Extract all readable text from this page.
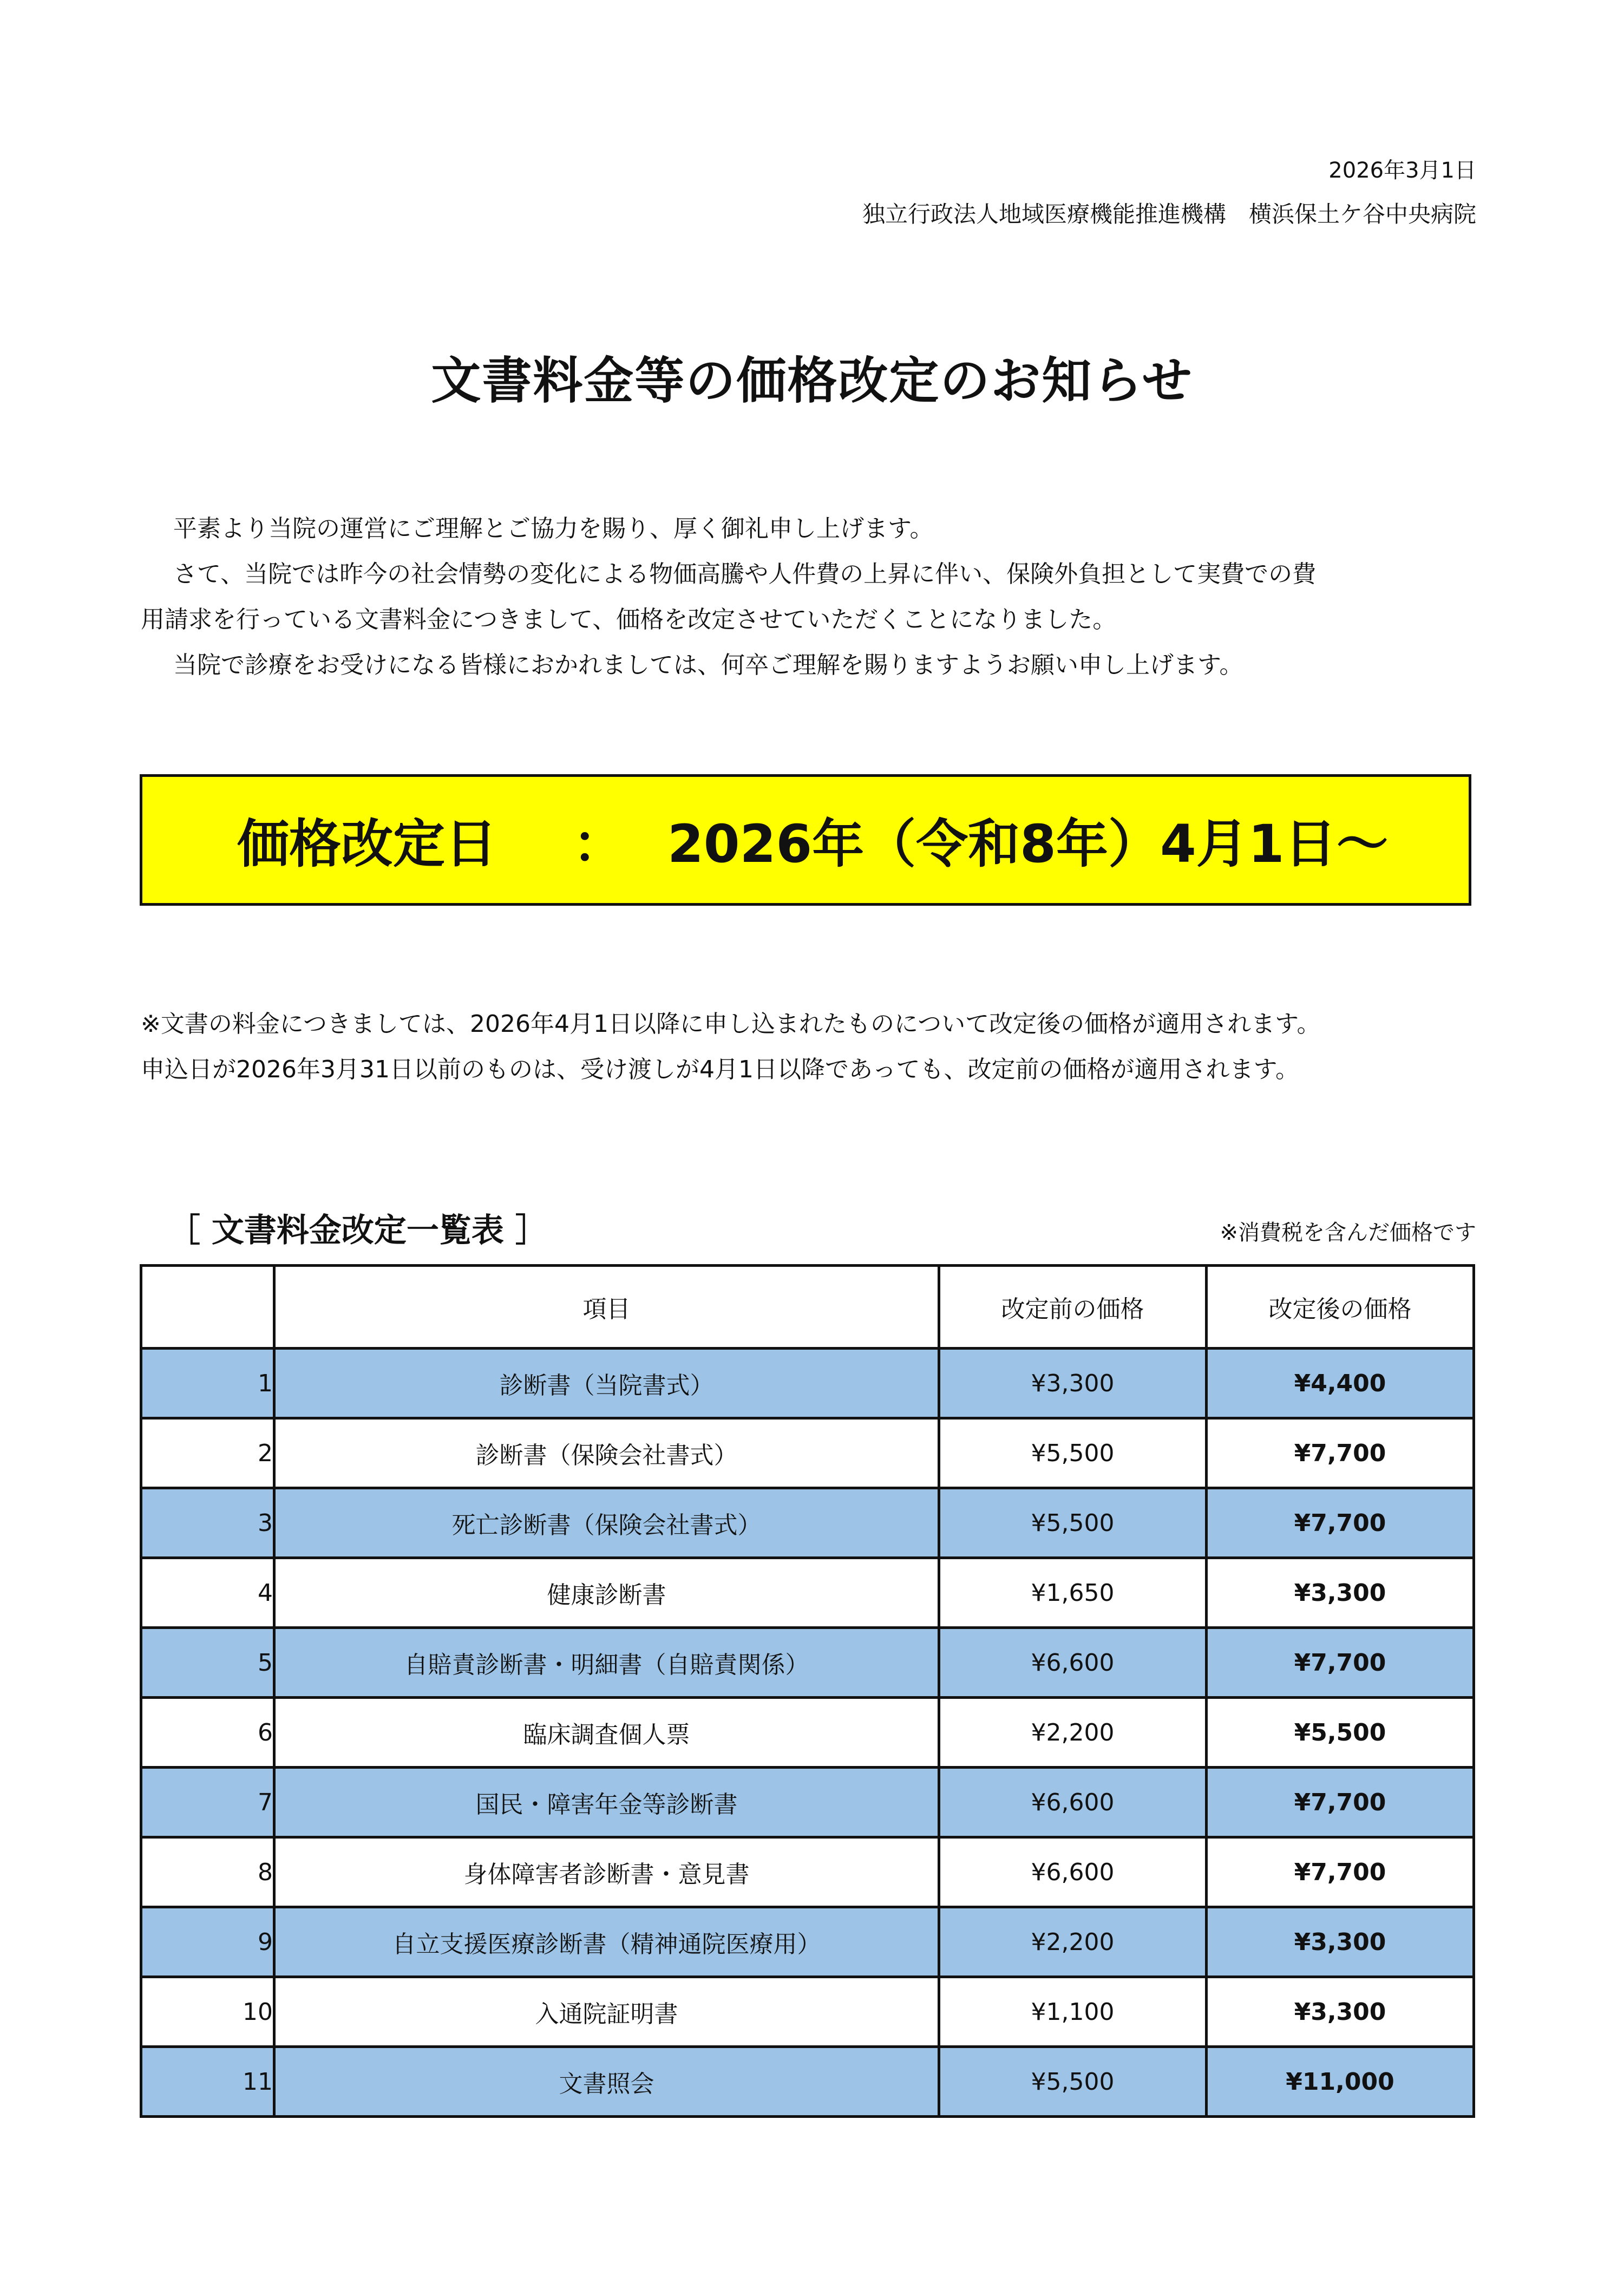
2026年3月1日
独立行政法人地域医療機能推進機構　横浜保土ケ谷中央病院
文書料金等の価格改定のお知らせ

平素より当院の運営にご理解とご協力を賜り、厚く御礼申し上げます。

さて、当院では昨今の社会情勢の変化による物価高騰や人件費の上昇に伴い、保険外負担として実費での費

用請求を行っている文書料金につきまして、価格を改定させていただくことになりました。

当院で診療をお受けになる皆様におかれましては、何卒ご理解を賜りますようお願い申し上げます。

価格改定日 ： 2026年（令和8年）4月1日～

※文書の料金につきましては、2026年4月1日以降に申し込まれたものについて改定後の価格が適用されます。

申込日が2026年3月31日以前のものは、受け渡しが4月1日以降であっても、改定前の価格が適用されます。

［ 文書料金改定一覧表 ］	※消費税を含んだ価格です
	項目	改定前の価格	改定後の価格
1	診断書（当院書式）	¥3,300	¥4,400
2	診断書（保険会社書式）	¥5,500	¥7,700
3	死亡診断書（保険会社書式）	¥5,500	¥7,700
4	健康診断書	¥1,650	¥3,300
5	自賠責診断書・明細書（自賠責関係）	¥6,600	¥7,700
6	臨床調査個人票	¥2,200	¥5,500
7	国民・障害年金等診断書	¥6,600	¥7,700
8	身体障害者診断書・意見書	¥6,600	¥7,700
9	自立支援医療診断書（精神通院医療用）	¥2,200	¥3,300
10	入通院証明書	¥1,100	¥3,300
11	文書照会	¥5,500	¥11,000
